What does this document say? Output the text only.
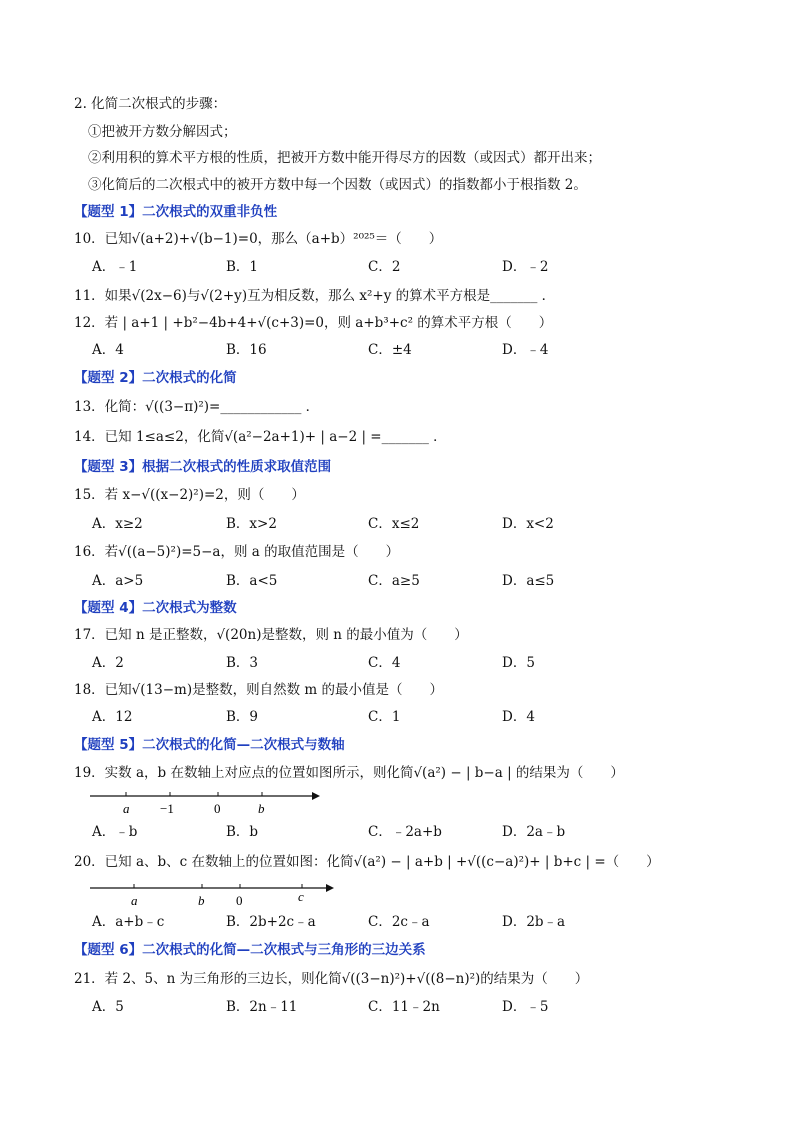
2. 化简二次根式的步骤：
①把被开方数分解因式；
②利用积的算术平方根的性质，把被开方数中能开得尽方的因数（或因式）都开出来；
③化简后的二次根式中的被开方数中每一个因数（或因式）的指数都小于根指数 2。
【题型 1】二次根式的双重非负性
10．已知√(a+2)+√(b−1)=0，那么（a+b）²⁰²⁵＝（　　）
A．﹣1	B．1	C．2	D．﹣2
11．如果√(2x−6)与√(2+y)互为相反数，那么 x²+y 的算术平方根是_______ ．
12．若 | a+1 | +b²−4b+4+√(c+3)=0，则 a+b³+c² 的算术平方根（　　）
A．4	B．16	C．±4	D．﹣4
【题型 2】二次根式的化简
13．化简：√((3−π)²)=____________ ．
14．已知 1≤a≤2，化简√(a²−2a+1)+ | a−2 | =_______ ．
【题型 3】根据二次根式的性质求取值范围
15．若 x−√((x−2)²)=2，则（　　）
A．x≥2	B．x>2	C．x≤2	D．x<2
16．若√((a−5)²)=5−a，则 a 的取值范围是（　　）
A．a>5	B．a<5	C．a≥5	D．a≤5
【题型 4】二次根式为整数
17．已知 n 是正整数，√(20n)是整数，则 n 的最小值为（　　）
A．2	B．3	C．4	D．5
18．已知√(13−m)是整数，则自然数 m 的最小值是（　　）
A．12	B．9	C．1	D．4
【题型 5】二次根式的化简—二次根式与数轴
19．实数 a，b 在数轴上对应点的位置如图所示，则化简√(a²) − | b−a | 的结果为（　　）
a −1	0	b
A．﹣b	B．b	C．﹣2a+b	D．2a﹣b
20．已知 a、b、c 在数轴上的位置如图：化简√(a²) − | a+b | +√((c−a)²)+ | b+c | =（　　）
a	b 0	c
A．a+b﹣c	B．2b+2c﹣a	C．2c﹣a	D．2b﹣a
【题型 6】二次根式的化简—二次根式与三角形的三边关系
21．若 2、5、n 为三角形的三边长，则化简√((3−n)²)+√((8−n)²)的结果为（　　）
A．5	B．2n﹣11	C．11﹣2n	D．﹣5
